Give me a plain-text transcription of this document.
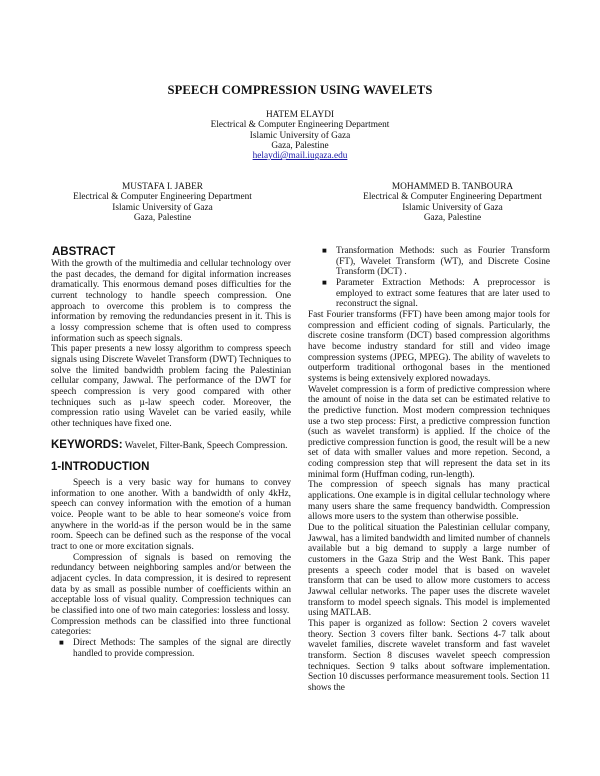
SPEECH COMPRESSION USING WAVELETS
HATEM ELAYDI
Electrical & Computer Engineering Department
Islamic University of Gaza
Gaza, Palestine
helaydi@mail.iugaza.edu
MUSTAFA I. JABER
Electrical & Computer Engineering Department
Islamic University of Gaza
Gaza, Palestine
MOHAMMED B. TANBOURA
Electrical & Computer Engineering Department
Islamic University of Gaza
Gaza, Palestine
ABSTRACT

With the growth of the multimedia and cellular technology over the past decades, the demand for digital information increases dramatically. This enormous demand poses difficulties for the current technology to handle speech compression. One approach to overcome this problem is to compress the information by removing the redundancies present in it. This is a lossy compression scheme that is often used to compress information such as speech signals.

This paper presents a new lossy algorithm to compress speech signals using Discrete Wavelet Transform (DWT) Techniques to solve the limited bandwidth problem facing the Palestinian cellular company, Jawwal. The performance of the DWT for speech compression is very good compared with other techniques such as µ-law speech coder. Moreover, the compression ratio using Wavelet can be varied easily, while other techniques have fixed one.

KEYWORDS: Wavelet, Filter-Bank, Speech Compression.
1-INTRODUCTION

Speech is a very basic way for humans to convey information to one another. With a bandwidth of only 4kHz, speech can convey information with the emotion of a human voice. People want to be able to hear someone's voice from anywhere in the world-as if the person would be in the same room. Speech can be defined such as the response of the vocal tract to one or more excitation signals.

Compression of signals is based on removing the redundancy between neighboring samples and/or between the adjacent cycles. In data compression, it is desired to represent data by as small as possible number of coefficients within an acceptable loss of visual quality. Compression techniques can be classified into one of two main categories: lossless and lossy.

Compression methods can be classified into three functional categories:

■ Direct Methods: The samples of the signal are directly handled to provide compression.
■ Transformation Methods: such as Fourier Transform (FT), Wavelet Transform (WT), and Discrete Cosine Transform (DCT) .
■ Parameter Extraction Methods: A preprocessor is employed to extract some features that are later used to reconstruct the signal.

Fast Fourier transforms (FFT) have been among major tools for compression and efficient coding of signals. Particularly, the discrete cosine transform (DCT) based compression algorithms have become industry standard for still and video image compression systems (JPEG, MPEG). The ability of wavelets to outperform traditional orthogonal bases in the mentioned systems is being extensively explored nowadays.

Wavelet compression is a form of predictive compression where the amount of noise in the data set can be estimated relative to the predictive function. Most modern compression techniques use a two step process: First, a predictive compression function (such as wavelet transform) is applied. If the choice of the predictive compression function is good, the result will be a new set of data with smaller values and more repetion. Second, a coding compression step that will represent the data set in its minimal form (Huffman coding, run-length).

The compression of speech signals has many practical applications. One example is in digital cellular technology where many users share the same frequency bandwidth. Compression allows more users to the system than otherwise possible.

Due to the political situation the Palestinian cellular company, Jawwal, has a limited bandwidth and limited number of channels available but a big demand to supply a large number of customers in the Gaza Strip and the West Bank. This paper presents a speech coder model that is based on wavelet transform that can be used to allow more customers to access Jawwal cellular networks. The paper uses the discrete wavelet transform to model speech signals. This model is implemented using MATLAB.

This paper is organized as follow: Section 2 covers wavelet theory. Section 3 covers filter bank. Sections 4-7 talk about wavelet families, discrete wavelet transform and fast wavelet transform. Section 8 discuses wavelet speech compression techniques. Section 9 talks about software implementation. Section 10 discusses performance measurement tools. Section 11 shows the
